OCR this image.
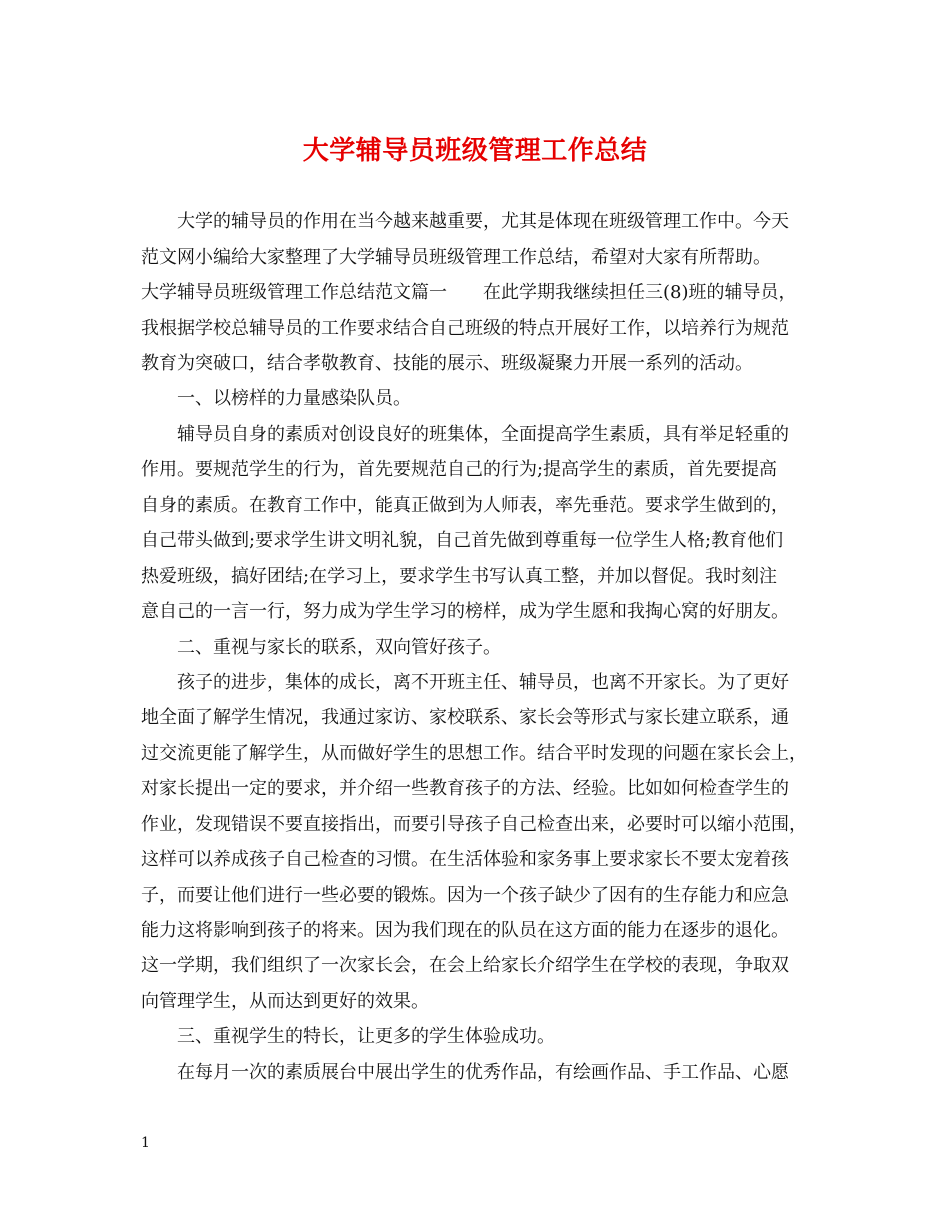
大学辅导员班级管理工作总结
大学的辅导员的作用在当今越来越重要，尤其是体现在班级管理工作中。今天
范文网小编给大家整理了大学辅导员班级管理工作总结，希望对大家有所帮助。
大学辅导员班级管理工作总结范文篇一　　在此学期我继续担任三(8)班的辅导员，
我根据学校总辅导员的工作要求结合自己班级的特点开展好工作，以培养行为规范
教育为突破口，结合孝敬教育、技能的展示、班级凝聚力开展一系列的活动。
一、以榜样的力量感染队员。
辅导员自身的素质对创设良好的班集体，全面提高学生素质，具有举足轻重的
作用。要规范学生的行为，首先要规范自己的行为;提高学生的素质，首先要提高
自身的素质。在教育工作中，能真正做到为人师表，率先垂范。要求学生做到的，
自己带头做到;要求学生讲文明礼貌，自己首先做到尊重每一位学生人格;教育他们
热爱班级，搞好团结;在学习上，要求学生书写认真工整，并加以督促。我时刻注
意自己的一言一行，努力成为学生学习的榜样，成为学生愿和我掏心窝的好朋友。
二、重视与家长的联系，双向管好孩子。
孩子的进步，集体的成长，离不开班主任、辅导员，也离不开家长。为了更好
地全面了解学生情况，我通过家访、家校联系、家长会等形式与家长建立联系，通
过交流更能了解学生，从而做好学生的思想工作。结合平时发现的问题在家长会上，
对家长提出一定的要求，并介绍一些教育孩子的方法、经验。比如如何检查学生的
作业，发现错误不要直接指出，而要引导孩子自己检查出来，必要时可以缩小范围，
这样可以养成孩子自己检查的习惯。在生活体验和家务事上要求家长不要太宠着孩
子，而要让他们进行一些必要的锻炼。因为一个孩子缺少了因有的生存能力和应急
能力这将影响到孩子的将来。因为我们现在的队员在这方面的能力在逐步的退化。
这一学期，我们组织了一次家长会，在会上给家长介绍学生在学校的表现，争取双
向管理学生，从而达到更好的效果。
三、重视学生的特长，让更多的学生体验成功。
在每月一次的素质展台中展出学生的优秀作品，有绘画作品、手工作品、心愿
1
